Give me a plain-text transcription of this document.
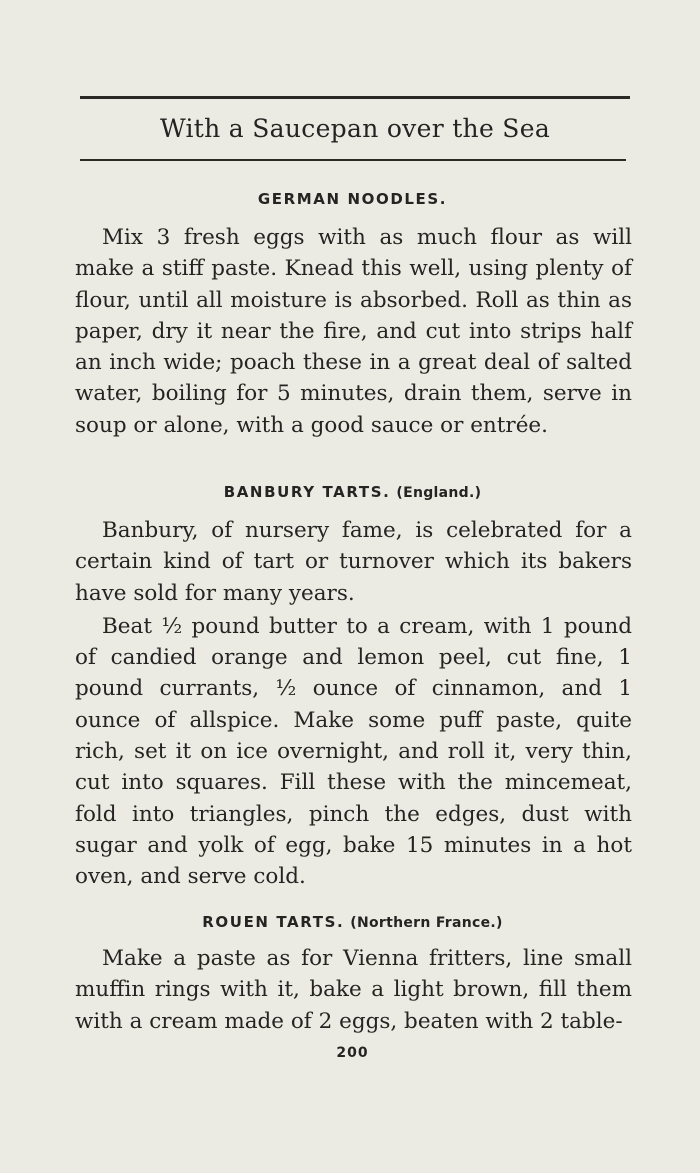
With a Saucepan over the Sea
GERMAN NOODLES.

Mix 3 fresh eggs with as much flour as will make a stiff paste. Knead this well, using plenty of flour, until all moisture is absorbed. Roll as thin as paper, dry it near the fire, and cut into strips half an inch wide; poach these in a great deal of salted water, boiling for 5 minutes, drain them, serve in soup or alone, with a good sauce or entrée.

BANBURY TARTS. (England.)

Banbury, of nursery fame, is celebrated for a certain kind of tart or turnover which its bakers have sold for many years.

Beat ½ pound butter to a cream, with 1 pound of candied orange and lemon peel, cut fine, 1 pound currants, ½ ounce of cinnamon, and 1 ounce of allspice. Make some puff paste, quite rich, set it on ice overnight, and roll it, very thin, cut into squares. Fill these with the mincemeat, fold into triangles, pinch the edges, dust with sugar and yolk of egg, bake 15 minutes in a hot oven, and serve cold.

ROUEN TARTS. (Northern France.)

Make a paste as for Vienna fritters, line small muffin rings with it, bake a light brown, fill them with a cream made of 2 eggs, beaten with 2 table-

200
